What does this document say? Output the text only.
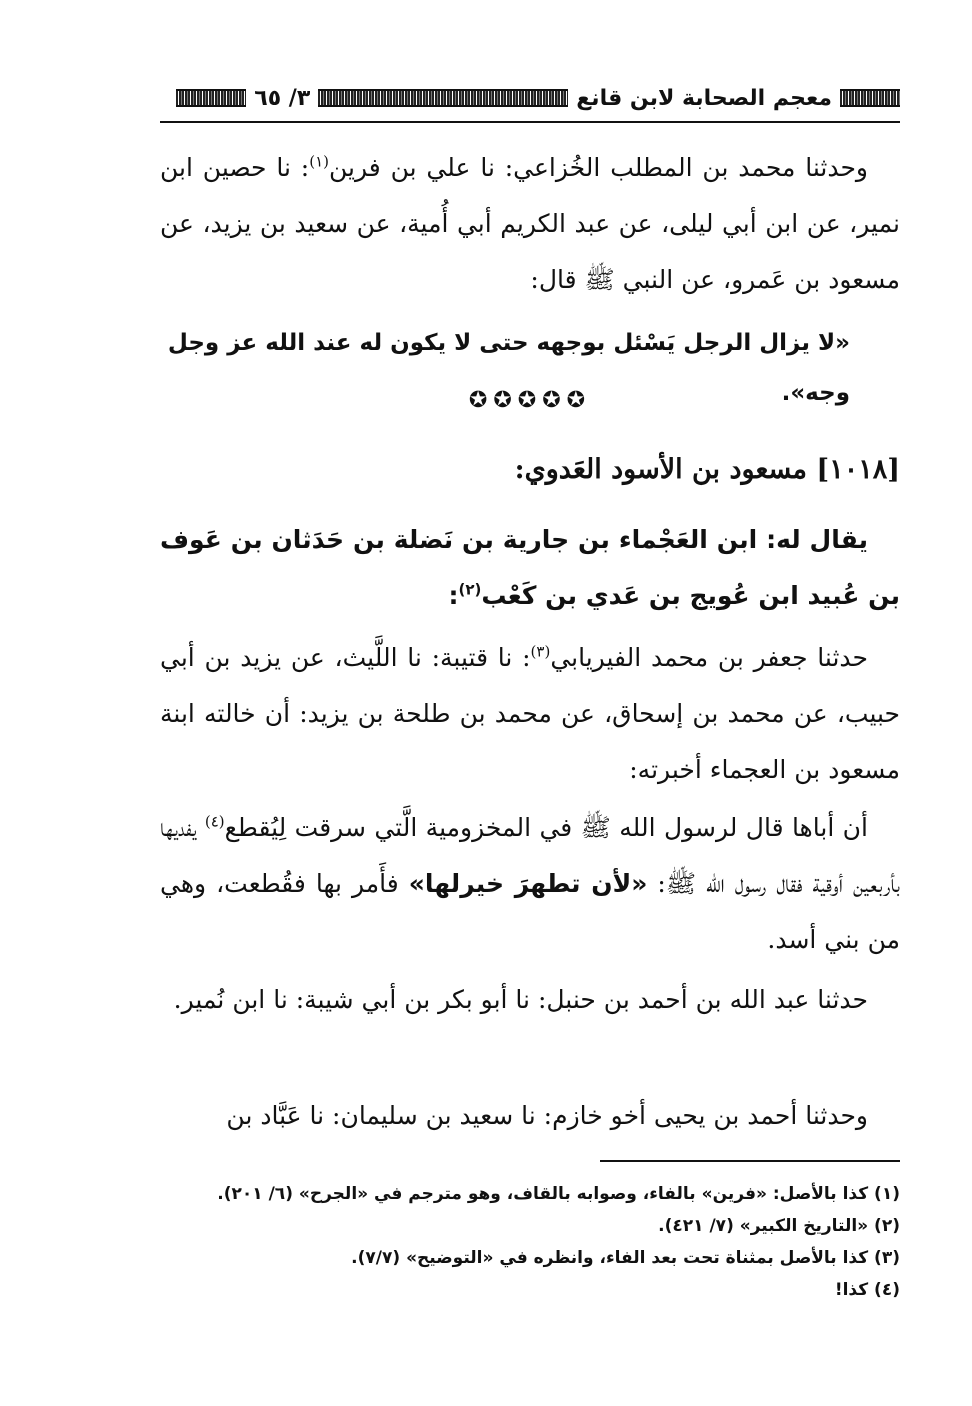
معجم الصحابة لابن قانع
٣/ ٦٥

وحدثنا محمد بن المطلب الخُزاعي: نا علي بن فرين$^{(١)}$: نا حصين ابن نمير، عن ابن أبي ليلى، عن عبد الكريم أبي أُمية، عن سعيد بن يزيد، عن مسعود بن عَمرو، عن النبي ﷺ قال:

«لا يزال الرجل يَسْئل بوجهه حتى لا يكون له عند الله عز وجل وجه».

✪✪✪✪✪

[١٠١٨] مسعود بن الأسود العَدوي:

يقال له: ابن العَجْماء بن جارية بن نَضلة بن حَدَثان بن عَوف بن عُبيد ابن عُويج بن عَدي بن كَعْب$^{(٢)}$:

حدثنا جعفر بن محمد الفيريابي$^{(٣)}$: نا قتيبة: نا اللَّيث، عن يزيد بن أبي حبيب، عن محمد بن إسحاق، عن محمد بن طلحة بن يزيد: أن خالته ابنة مسعود بن العجماء أخبرته:

أن أباها قال لرسول الله ﷺ في المخزومية الَّتي سرقت لِيُقطع$^{(٤)}$ يفديها بأربعين أوقية فقال رسول الله ﷺ: «لأن تطهرَ خيرلها» فأَمر بها فقُطعت، وهي من بني أسد.

حدثنا عبد الله بن أحمد بن حنبل: نا أبو بكر بن أبي شيبة: نا ابن نُمير.

وحدثنا أحمد بن يحيى أخو خازم: نا سعيد بن سليمان: نا عَبَّاد بن

(١) كذا بالأصل: «فرين» بالفاء، وصوابه بالقاف، وهو مترجم في «الجرح» (٦/ ٢٠١).

(٢) «التاريخ الكبير» (٧/ ٤٢١).

(٣) كذا بالأصل بمثناة تحت بعد الفاء، وانظره في «التوضيح» (٧/٧).

(٤) كذا!
